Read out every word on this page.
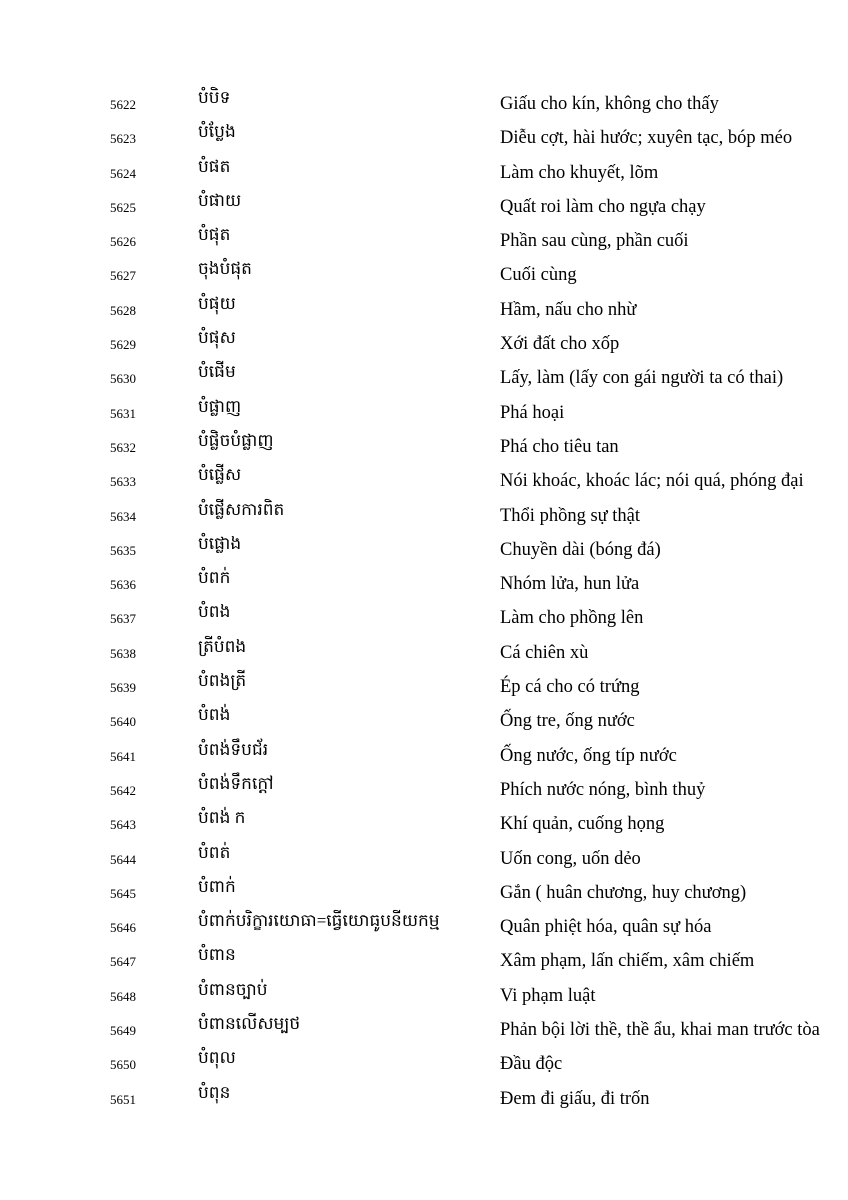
5622	បំបិទ	Giấu cho kín, không cho thấy
5623	បំប្លែង	Diễu cợt, hài hước; xuyên tạc, bóp méo
5624	បំផត	Làm cho khuyết, lõm
5625	បំផាយ	Quất roi làm cho ngựa chạy
5626	បំផុត	Phần sau cùng, phần cuối
5627	ចុងបំផុត	Cuối cùng
5628	បំផុយ	Hầm, nấu cho nhừ
5629	បំផុស	Xới đất cho xốp
5630	បំផើម	Lấy, làm (lấy con gái người ta có thai)
5631	បំផ្លាញ	Phá hoại
5632	បំផ្លិចបំផ្លាញ	Phá cho tiêu tan
5633	បំផ្លើស	Nói khoác, khoác lác; nói quá, phóng đại
5634	បំផ្លើសការពិត	Thổi phồng sự thật
5635	បំផ្លោង	Chuyền dài (bóng đá)
5636	បំពក់	Nhóm lửa, hun lửa
5637	បំពង	Làm cho phồng lên
5638	ត្រីបំពង	Cá chiên xù
5639	បំពងត្រី	Ép cá cho có trứng
5640	បំពង់	Ống tre, ống nước
5641	បំពង់ទឹបជ័រ	Ống nước, ống típ nước
5642	បំពង់ទឹកក្តៅ	Phích nước nóng, bình thuỷ
5643	បំពង់ ក	Khí quản, cuống họng
5644	បំពត់	Uốn cong, uốn dẻo
5645	បំពាក់	Gắn ( huân chương, huy chương)
5646	បំពាក់បរិក្ខារយោធា=ធ្វើយោធូបនីយកម្ម	Quân phiệt hóa, quân sự hóa
5647	បំពាន	Xâm phạm, lấn chiếm, xâm chiếm
5648	បំពានច្បាប់	Vi phạm luật
5649	បំពានលើសម្បថ	Phản bội lời thề, thề ẩu, khai man trước tòa
5650	បំពុល	Đầu độc
5651	បំពុន	Đem đi giấu, đi trốn
